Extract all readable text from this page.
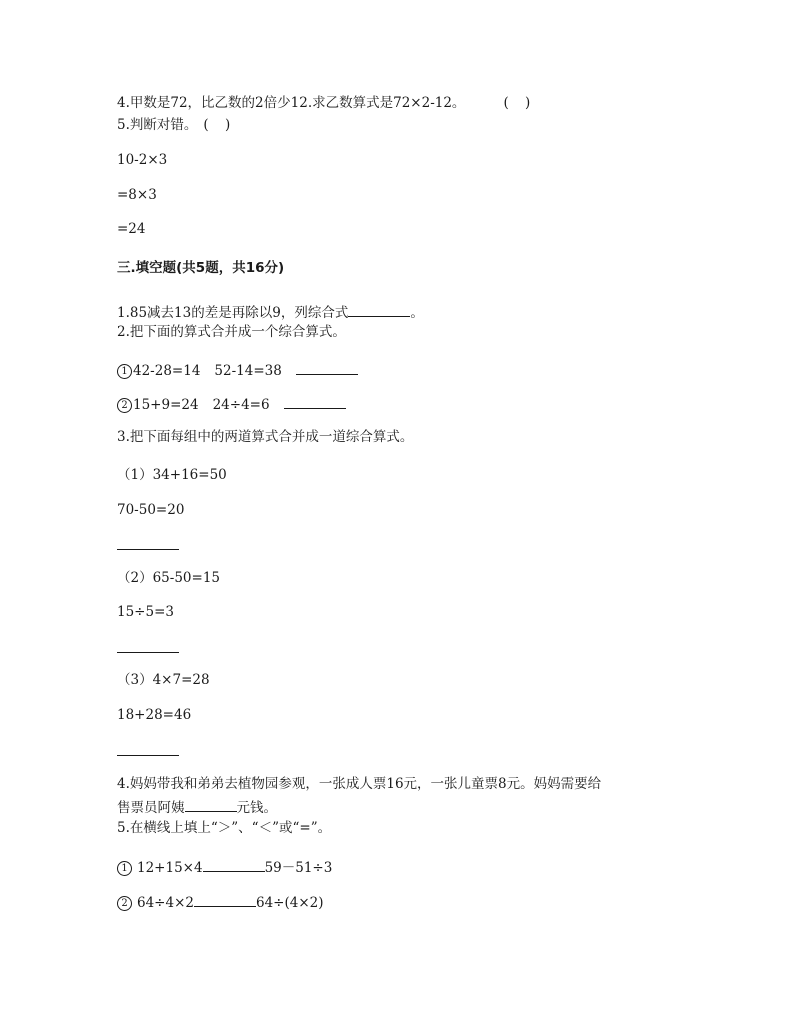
4.甲数是72，比乙数的2倍少12.求乙数算式是72×2-12。	( )
5.判断对错。 ( )
10-2×3
=8×3
=24
三.填空题(共5题，共16分)
1.85减去13的差是再除以9，列综合式	。
2.把下面的算式合并成一个综合算式。
1 42-28=14 52-14=38
2 15+9=24 24÷4=6
3.把下面每组中的两道算式合并成一道综合算式。
（1）34+16=50
70-50=20
（2）65-50=15
15÷5=3
（3）4×7=28
18+28=46
4.妈妈带我和弟弟去植物园参观，一张成人票16元，一张儿童票8元。妈妈需要给
售票员阿姨	元钱。
5.在横线上填上“＞”、“＜”或“=”。
1 12+15×4	59－51÷3
2 64÷4×2	64÷(4×2)
